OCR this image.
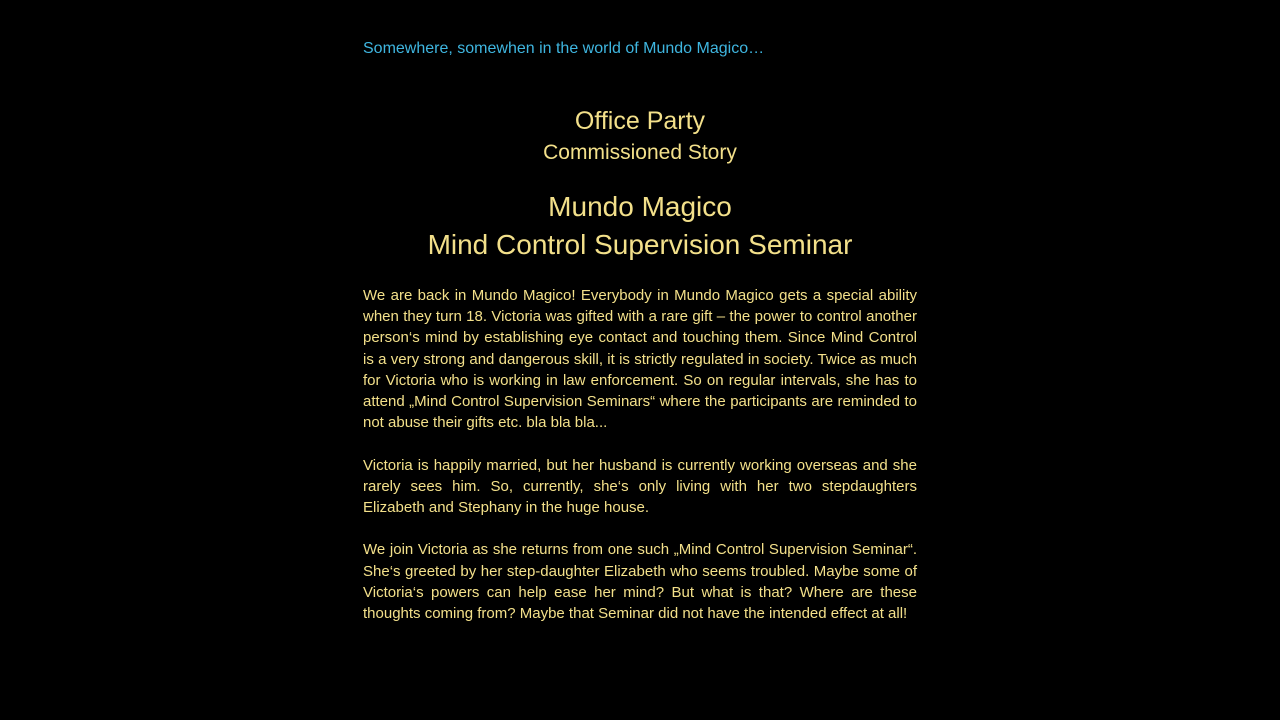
Somewhere, somewhen in the world of Mundo Magico…
Office Party
Commissioned Story
Mundo Magico
Mind Control Supervision Seminar

We are back in Mundo Magico! Everybody in Mundo Magico gets a special ability when they turn 18. Victoria was gifted with a rare gift – the power to control another person‘s mind by establishing eye contact and touching them. Since Mind Control is a very strong and dangerous skill, it is strictly regulated in society. Twice as much for Victoria who is working in law enforcement. So on regular intervals, she has to attend „Mind Control Supervision Seminars“ where the participants are reminded to not abuse their gifts etc. bla bla bla...

Victoria is happily married, but her husband is currently working overseas and she rarely sees him. So, currently, she‘s only living with her two stepdaughters Elizabeth and Stephany in the huge house.

We join Victoria as she returns from one such „Mind Control Supervision Seminar“. She‘s greeted by her step-daughter Elizabeth who seems troubled. Maybe some of Victoria‘s powers can help ease her mind? But what is that? Where are these thoughts coming from? Maybe that Seminar did not have the intended effect at all!
